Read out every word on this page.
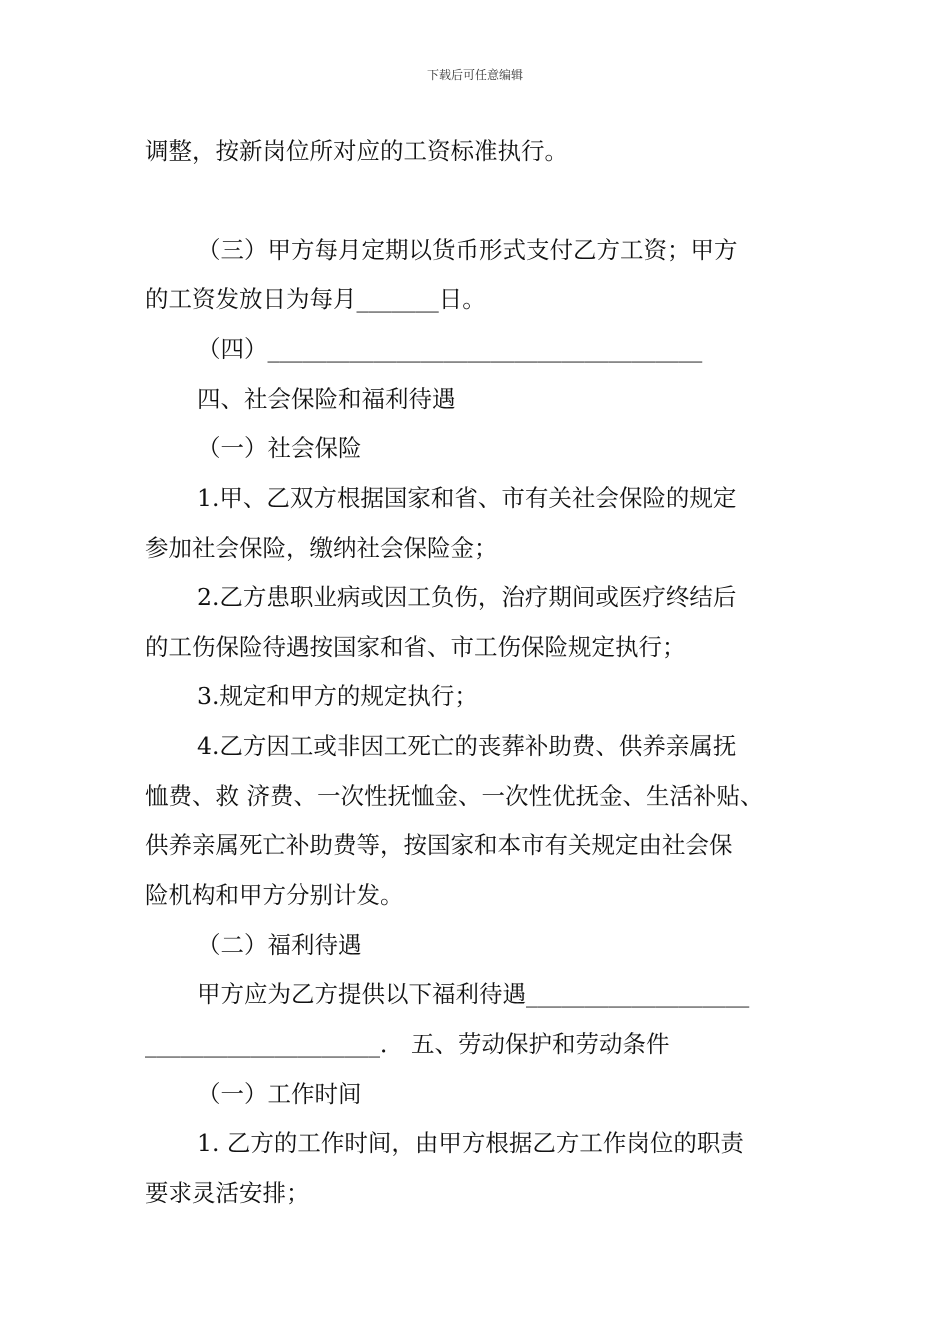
下载后可任意编辑
调整，按新岗位所对应的工资标准执行。
（三）甲方每月定期以货币形式支付乙方工资；甲方
的工资发放日为每月_______日。
（四）_____________________________________
四、社会保险和福利待遇
（一）社会保险
1.甲、乙双方根据国家和省、市有关社会保险的规定
参加社会保险，缴纳社会保险金；
2.乙方患职业病或因工负伤，治疗期间或医疗终结后
的工伤保险待遇按国家和省、市工伤保险规定执行；
3.规定和甲方的规定执行；
4.乙方因工或非因工死亡的丧葬补助费、供养亲属抚
恤费、救 济费、一次性抚恤金、一次性优抚金、生活补贴、
供养亲属死亡补助费等，按国家和本市有关规定由社会保
险机构和甲方分别计发。
（二）福利待遇
甲方应为乙方提供以下福利待遇___________________
____________________． 五、劳动保护和劳动条件
（一）工作时间
1. 乙方的工作时间，由甲方根据乙方工作岗位的职责
要求灵活安排；
